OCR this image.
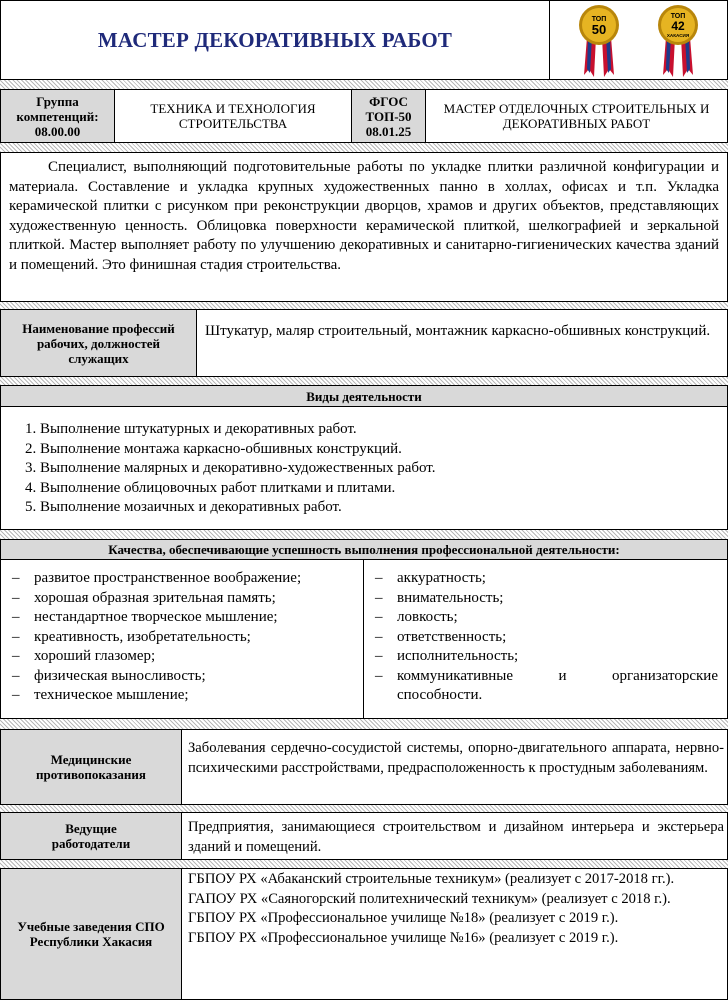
МАСТЕР ДЕКОРАТИВНЫХ РАБОТ
ТОП
50
ТОП
42
ХАКАСИЯ
Группа компетенций:
08.00.00
ТЕХНИКА И ТЕХНОЛОГИЯ СТРОИТЕЛЬСТВА
ФГОС
ТОП-50
08.01.25
МАСТЕР ОТДЕЛОЧНЫХ СТРОИТЕЛЬНЫХ И ДЕКОРАТИВНЫХ РАБОТ
Специалист, выполняющий подготовительные работы по укладке плитки различной конфигурации и материала. Составление и укладка крупных художественных панно в холлах, офисах и т.п. Укладка керамической плитки с рисунком при реконструкции дворцов, храмов и других объектов, представляющих художественную ценность. Облицовка поверхности керамической плиткой, шелкографией и зеркальной плиткой. Мастер выполняет работу по улучшению декоративных и санитарно-гигиенических качества зданий и помещений. Это финишная стадия строительства.
Наименование профессий рабочих, должностей служащих
Штукатур, маляр строительный, монтажник каркасно-обшивных конструкций.
Виды деятельности
1. Выполнение штукатурных и декоративных работ.
2. Выполнение монтажа каркасно-обшивных конструкций.
3. Выполнение малярных и декоративно-художественных работ.
4. Выполнение облицовочных работ плитками и плитами.
5. Выполнение мозаичных и декоративных работ.
Качества, обеспечивающие успешность выполнения профессиональной деятельности:
– развитое пространственное воображение;
– хорошая образная зрительная память;
– нестандартное творческое мышление;
– креативность, изобретательность;
– хороший глазомер;
– физическая выносливость;
– техническое мышление;
– аккуратность;
– внимательность;
– ловкость;
– ответственность;
– исполнительность;
– коммуникативные и организаторские способности.
Медицинские противопоказания
Заболевания сердечно-сосудистой системы, опорно-двигательного аппарата, нервно-психическими расстройствами, предрасположенность к простудным заболеваниям.
Ведущие работодатели
Предприятия, занимающиеся строительством и дизайном интерьера и экстерьера зданий и помещений.
Учебные заведения СПО Республики Хакасия
ГБПОУ РХ «Абаканский строительные техникум» (реализует с 2017-2018 гг.).
ГАПОУ РХ «Саяногорский политехнический техникум» (реализует с 2018 г.).
ГБПОУ РХ «Профессиональное училище №18» (реализует с 2019 г.).
ГБПОУ РХ «Профессиональное училище №16» (реализует с 2019 г.).
